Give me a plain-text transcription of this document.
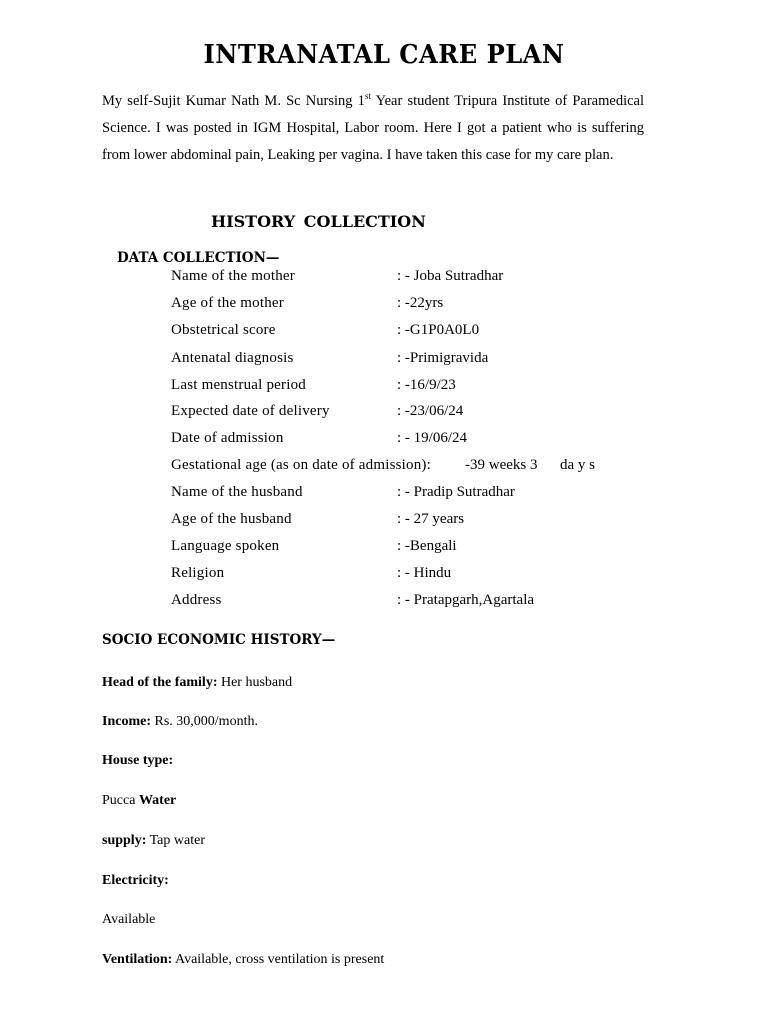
INTRANATAL CARE PLAN
My self-Sujit Kumar Nath M. Sc Nursing 1st Year student Tripura Institute of Paramedical Science. I was posted in IGM Hospital, Labor room. Here I got a patient who is suffering from lower abdominal pain, Leaking per vagina. I have taken this case for my care plan.
HISTORY COLLECTION
DATA COLLECTION—
Name of the mother	: - Joba Sutradhar
Age of the mother	: -22yrs
Obstetrical score	: -G1P0A0L0
Antenatal diagnosis	: -Primigravida
Last menstrual period	: -16/9/23
Expected date of delivery	: -23/06/24
Date of admission	: - 19/06/24
Gestational age (as on date of admission): -39 weeks 3      da y s
Name of the husband	: - Pradip Sutradhar
Age of the husband	: - 27 years
Language spoken	: -Bengali
Religion	: - Hindu
Address	: - Pratapgarh,Agartala
SOCIO ECONOMIC HISTORY—
Head of the family: Her husband
Income: Rs. 30,000/month.
House type:
Pucca Water
supply: Tap water
Electricity:
Available
Ventilation: Available, cross ventilation is present
